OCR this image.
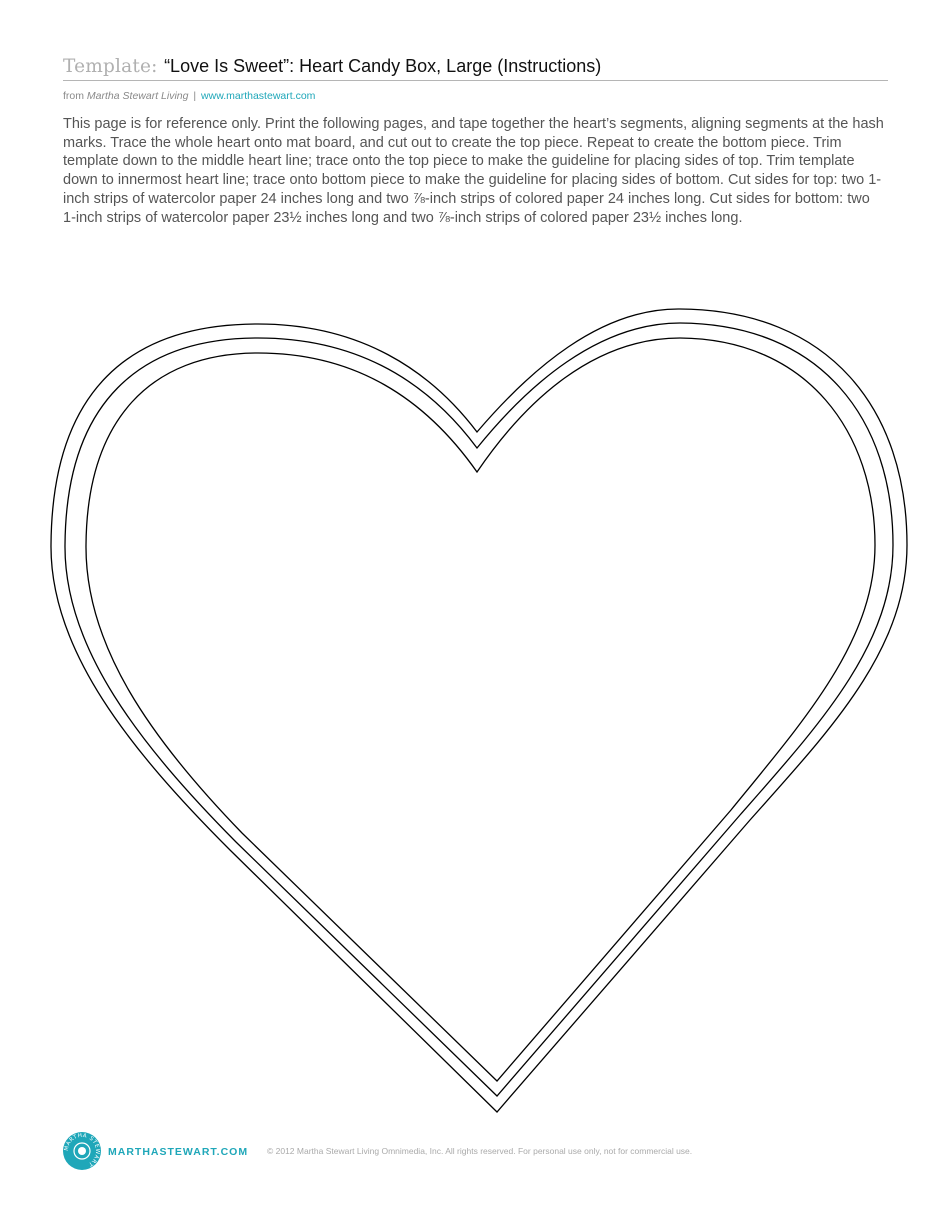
Template: “Love Is Sweet”: Heart Candy Box, Large (Instructions)
from Martha Stewart Living | www.marthastewart.com

This page is for reference only. Print the following pages, and tape together the heart’s segments, aligning segments at the hash marks. Trace the whole heart onto mat board, and cut out to create the top piece. Repeat to create the bottom piece. Trim template down to the middle heart line; trace onto the top piece to make the guideline for placing sides of top. Trim template down to innermost heart line; trace onto bottom piece to make the guideline for placing sides of bottom. Cut sides for top: two 1-inch strips of watercolor paper 24 inches long and two ⅞-inch strips of colored paper 24 inches long. Cut sides for bottom: two 1-inch strips of watercolor paper 23½ inches long and two ⅞-inch strips of colored paper 23½ inches long.

MARTHA STEWART
MARTHASTEWART.COM © 2012 Martha Stewart Living Omnimedia, Inc. All rights reserved. For personal use only, not for commercial use.
